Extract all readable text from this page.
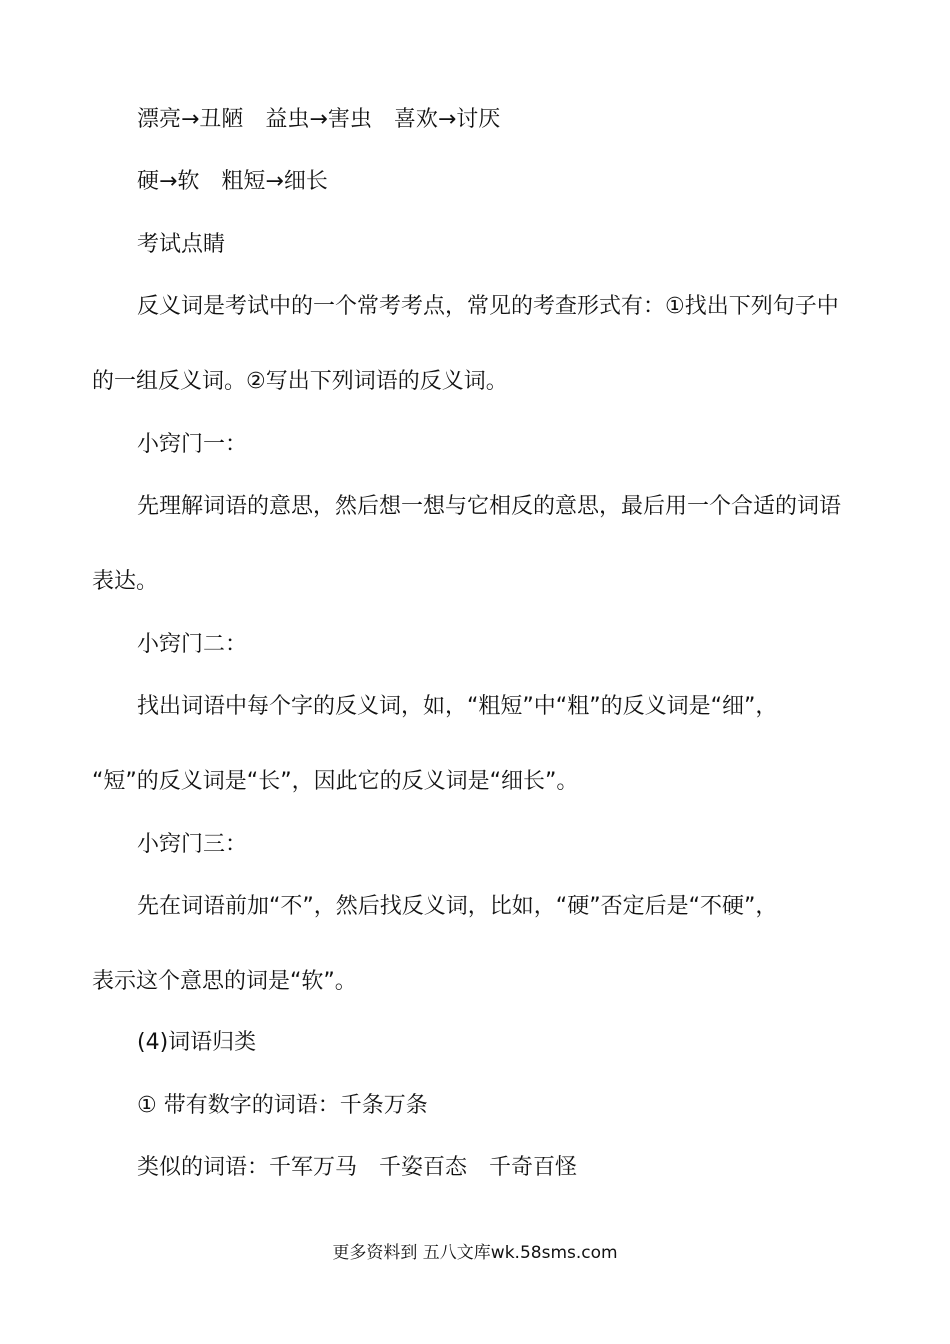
漂亮→丑陋　益虫→害虫　喜欢→讨厌
硬→软　粗短→细长
考试点睛
反义词是考试中的一个常考考点，常见的考查形式有：①找出下列句子中
的一组反义词。②写出下列词语的反义词。
小窍门一：
先理解词语的意思，然后想一想与它相反的意思，最后用一个合适的词语
表达。
小窍门二：
找出词语中每个字的反义词，如，“粗短”中“粗”的反义词是“细”，
“短”的反义词是“长”，因此它的反义词是“细长”。
小窍门三：
先在词语前加“不”，然后找反义词，比如，“硬”否定后是“不硬”，
表示这个意思的词是“软”。
(4)词语归类
① 带有数字的词语：千条万条
类似的词语：千军万马　千姿百态　千奇百怪
更多资料到 五八文库wk.58sms.com
